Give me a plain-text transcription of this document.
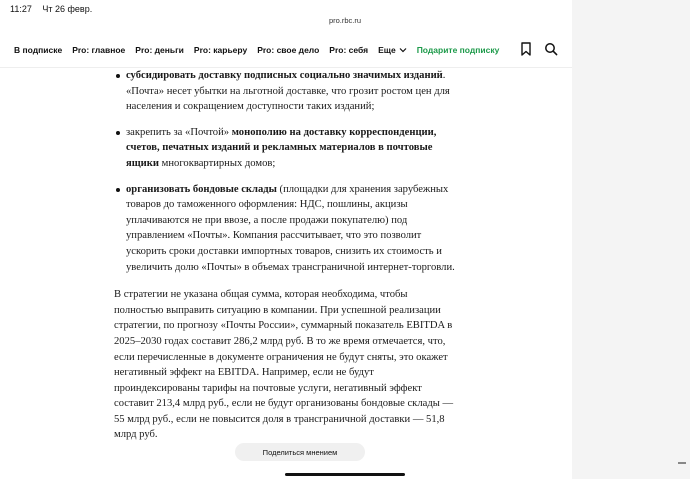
11:27 Чт 26 февр.
pro.rbc.ru
В подписке Pro: главное Pro: деньги Pro: карьеру Pro: свое дело Pro: себя Еще Подарите подписку
субсидировать доставку подписных социально значимых изданий. «Почта» несет убытки на льготной доставке, что грозит ростом цен для населения и сокращением доступности таких изданий;
закрепить за «Почтой» монополию на доставку корреспонденции, счетов, печатных изданий и рекламных материалов в почтовые ящики многоквартирных домов;
организовать бондовые склады (площадки для хранения зарубежных товаров до таможенного оформления: НДС, пошлины, акцизы уплачиваются не при ввозе, а после продажи покупателю) под управлением «Почты». Компания рассчитывает, что это позволит ускорить сроки доставки импортных товаров, снизить их стоимость и увеличить долю «Почты» в объемах трансграничной интернет-торговли.

В стратегии не указана общая сумма, которая необходима, чтобы полностью выправить ситуацию в компании. При успешной реализации стратегии, по прогнозу «Почты России», суммарный показатель EBITDA в 2025–2030 годах составит 286,2 млрд руб. В то же время отмечается, что, если перечисленные в документе ограничения не будут сняты, это окажет негативный эффект на EBITDA. Например, если не будут проиндексированы тарифы на почтовые услуги, негативный эффект составит 213,4 млрд руб., если не будут организованы бондовые склады — 55 млрд руб., если не повысится доля в трансграничной доставки — 51,8 млрд руб.

Поделиться мнением
